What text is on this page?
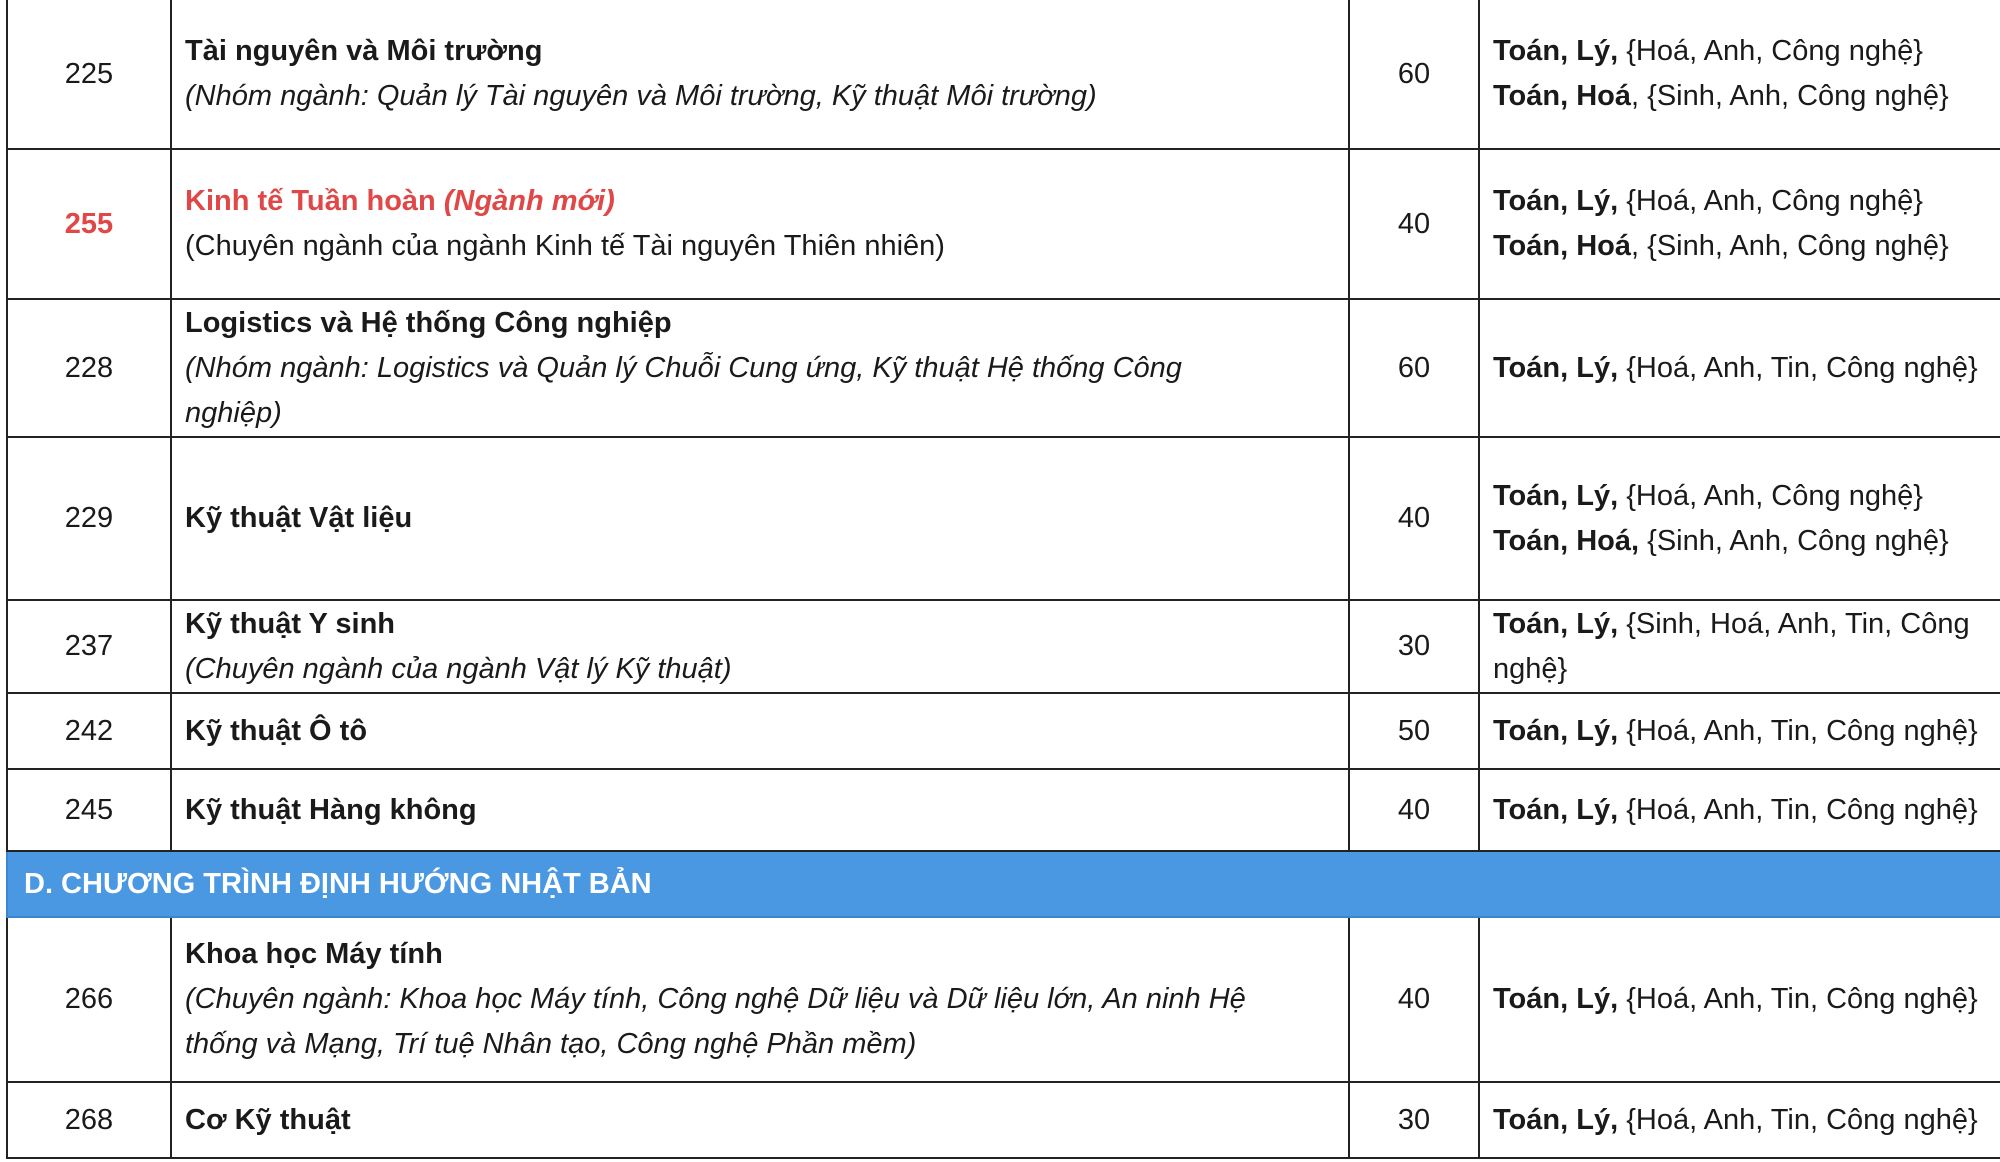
225	Tài nguyên và Môi trường
(Nhóm ngành: Quản lý Tài nguyên và Môi trường, Kỹ thuật Môi trường)	60	Toán, Lý, {Hoá, Anh, Công nghệ}
Toán, Hoá, {Sinh, Anh, Công nghệ}

255	Kinh tế Tuần hoàn (Ngành mới)
(Chuyên ngành của ngành Kinh tế Tài nguyên Thiên nhiên)	40	Toán, Lý, {Hoá, Anh, Công nghệ}
Toán, Hoá, {Sinh, Anh, Công nghệ}

228	Logistics và Hệ thống Công nghiệp
(Nhóm ngành: Logistics và Quản lý Chuỗi Cung ứng, Kỹ thuật Hệ thống Công
nghiệp)	60	Toán, Lý, {Hoá, Anh, Tin, Công nghệ}

229	Kỹ thuật Vật liệu	40	Toán, Lý, {Hoá, Anh, Công nghệ}
Toán, Hoá, {Sinh, Anh, Công nghệ}

237	Kỹ thuật Y sinh
(Chuyên ngành của ngành Vật lý Kỹ thuật)	30	Toán, Lý, {Sinh, Hoá, Anh, Tin, Công
nghệ}

242	Kỹ thuật Ô tô	50	Toán, Lý, {Hoá, Anh, Tin, Công nghệ}

245	Kỹ thuật Hàng không	40	Toán, Lý, {Hoá, Anh, Tin, Công nghệ}

D. CHƯƠNG TRÌNH ĐỊNH HƯỚNG NHẬT BẢN			
266	Khoa học Máy tính
(Chuyên ngành: Khoa học Máy tính, Công nghệ Dữ liệu và Dữ liệu lớn, An ninh Hệ
thống và Mạng, Trí tuệ Nhân tạo, Công nghệ Phần mềm)	40	Toán, Lý, {Hoá, Anh, Tin, Công nghệ}

268	Cơ Kỹ thuật	30	Toán, Lý, {Hoá, Anh, Tin, Công nghệ}
